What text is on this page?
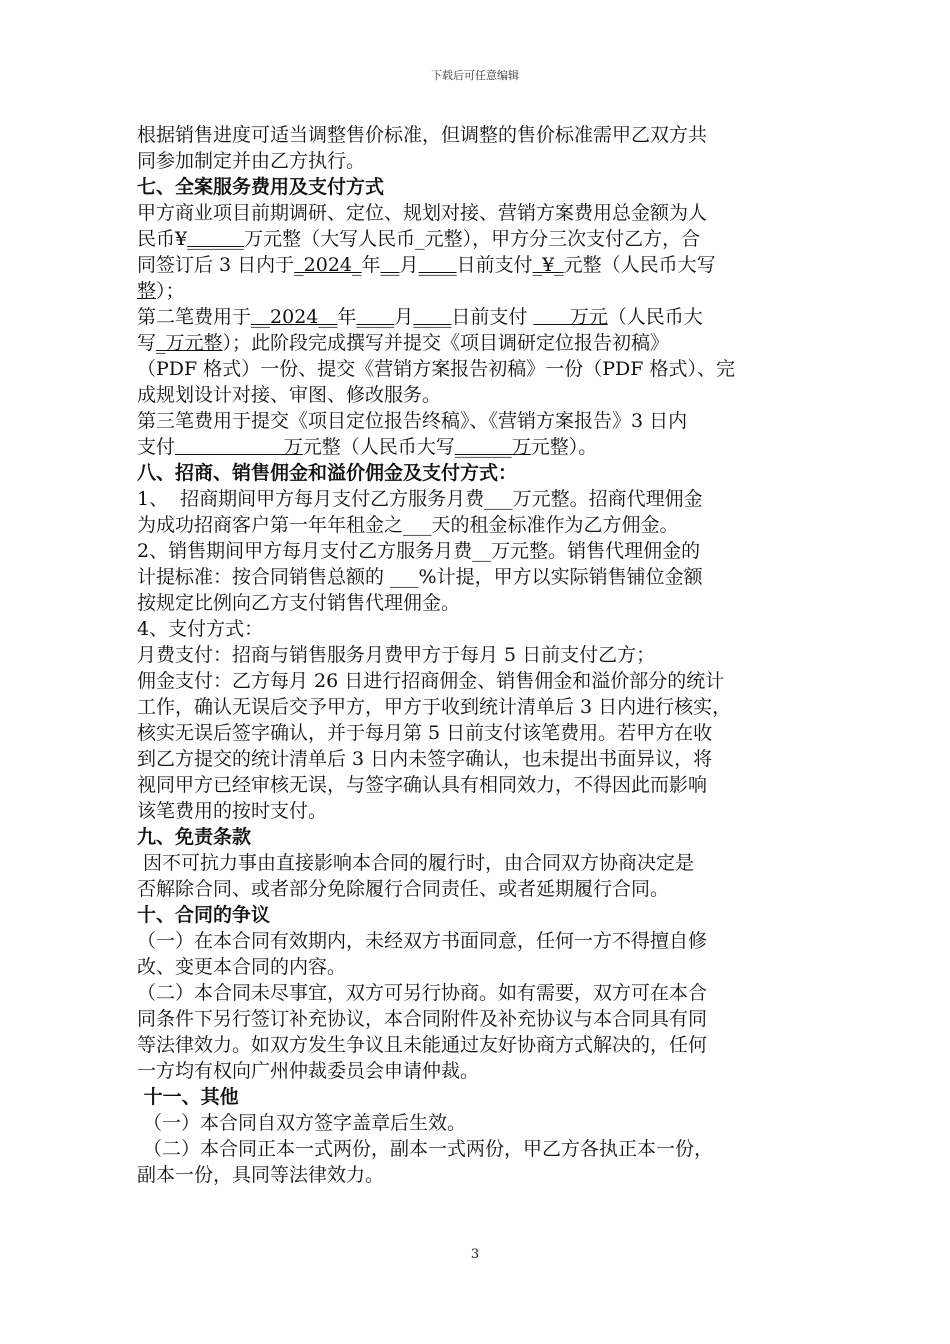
下载后可任意编辑
根据销售进度可适当调整售价标准，但调整的售价标准需甲乙双方共
同参加制定并由乙方执行。
七、全案服务费用及支付方式
甲方商业项目前期调研、定位、规划对接、营销方案费用总金额为人
民币¥______万元整（大写人民币_元整），甲方分三次支付乙方，合
同签订后 3 日内于_2024_年__月____日前支付_¥_元整（人民币大写
整）；
第二笔费用于__2024__年____月____日前支付       万元（人民币大
写_万元整）；此阶段完成撰写并提交《项目调研定位报告初稿》
（PDF 格式）一份、提交《营销方案报告初稿》一份（PDF 格式）、完
成规划设计对接、审图、修改服务。
第三笔费用于提交《项目定位报告终稿》、《营销方案报告》3 日内
支付                  万元整（人民币大写______万元整）。
八、招商、销售佣金和溢价佣金及支付方式：
1、  招商期间甲方每月支付乙方服务月费___万元整。招商代理佣金
为成功招商客户第一年年租金之___天的租金标准作为乙方佣金。
2、销售期间甲方每月支付乙方服务月费__万元整。销售代理佣金的
计提标准：按合同销售总额的 ___%计提，甲方以实际销售铺位金额
按规定比例向乙方支付销售代理佣金。
4、支付方式：
月费支付：招商与销售服务月费甲方于每月 5 日前支付乙方；
佣金支付：乙方每月 26 日进行招商佣金、销售佣金和溢价部分的统计
工作，确认无误后交予甲方，甲方于收到统计清单后 3 日内进行核实，
核实无误后签字确认，并于每月第 5 日前支付该笔费用。若甲方在收
到乙方提交的统计清单后 3 日内未签字确认，也未提出书面异议，将
视同甲方已经审核无误，与签字确认具有相同效力，不得因此而影响
该笔费用的按时支付。
九、免责条款
因不可抗力事由直接影响本合同的履行时，由合同双方协商决定是
否解除合同、或者部分免除履行合同责任、或者延期履行合同。
十、合同的争议
（一）在本合同有效期内，未经双方书面同意，任何一方不得擅自修
改、变更本合同的内容。
（二）本合同未尽事宜，双方可另行协商。如有需要，双方可在本合
同条件下另行签订补充协议，本合同附件及补充协议与本合同具有同
等法律效力。如双方发生争议且未能通过友好协商方式解决的，任何
一方均有权向广州仲裁委员会申请仲裁。
十一、其他
（一）本合同自双方签字盖章后生效。
（二）本合同正本一式两份，副本一式两份，甲乙方各执正本一份，
副本一份，具同等法律效力。
3
